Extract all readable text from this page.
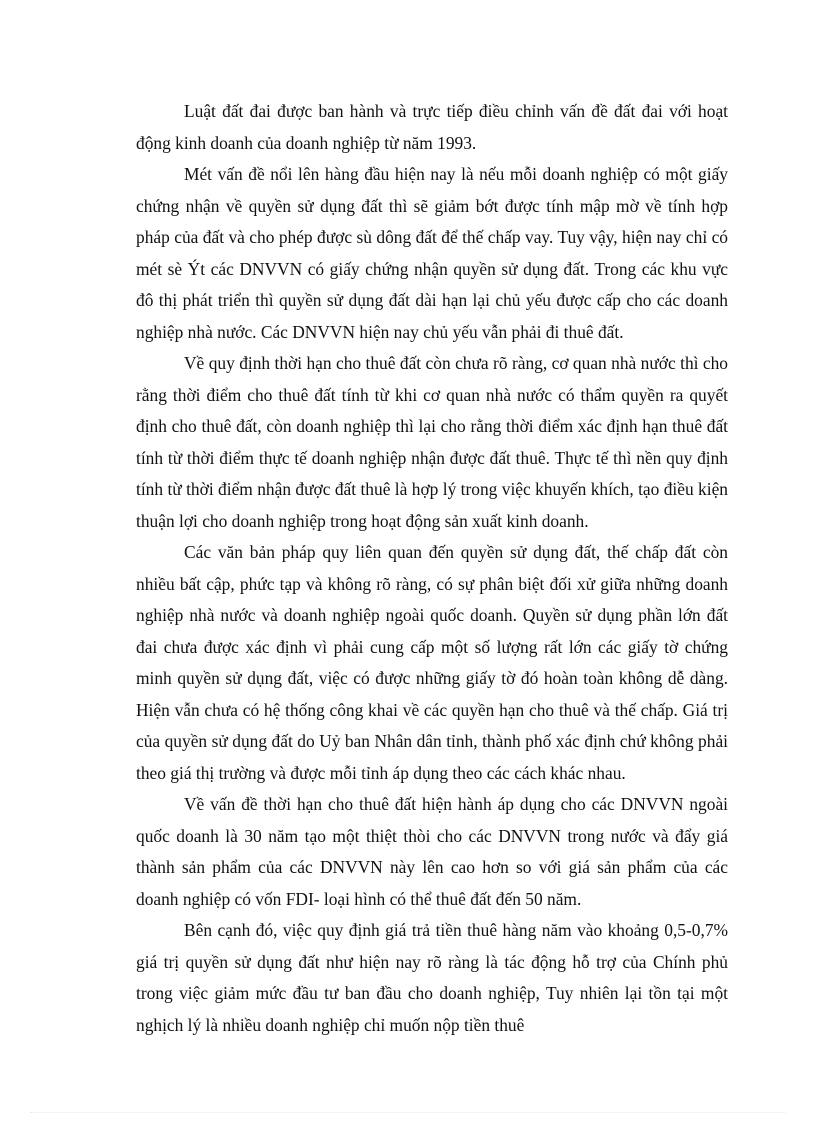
Luật đất đai được ban hành và trực tiếp điều chỉnh vấn đề đất đai với hoạt động kinh doanh của doanh nghiệp từ năm 1993.

Mét vấn đề nổi lên hàng đầu hiện nay là nếu mỗi doanh nghiệp có một giấy chứng nhận về quyền sử dụng đất thì sẽ giảm bớt được tính mập mờ về tính hợp pháp của đất và cho phép được sù dông đất để thế chấp vay. Tuy vậy, hiện nay chỉ có mét sè Ýt các DNVVN có giấy chứng nhận quyền sử dụng đất. Trong các khu vực đô thị phát triển thì quyền sử dụng đất dài hạn lại chủ yếu được cấp cho các doanh nghiệp nhà nước. Các DNVVN hiện nay chủ yếu vẫn phải đi thuê đất.

Về quy định thời hạn cho thuê đất còn chưa rõ ràng, cơ quan nhà nước thì cho rằng thời điểm cho thuê đất tính từ khi cơ quan nhà nước có thẩm quyền ra quyết định cho thuê đất, còn doanh nghiệp thì lại cho rằng thời điểm xác định hạn thuê đất tính từ thời điểm thực tế doanh nghiệp nhận được đất thuê. Thực tế thì nền quy định tính từ thời điểm nhận được đất thuê là hợp lý trong việc khuyến khích, tạo điều kiện thuận lợi cho doanh nghiệp trong hoạt động sản xuất kinh doanh.

Các văn bản pháp quy liên quan đến quyền sử dụng đất, thế chấp đất còn nhiều bất cập, phức tạp và không rõ ràng, có sự phân biệt đối xử giữa những doanh nghiệp nhà nước và doanh nghiệp ngoài quốc doanh. Quyền sử dụng phần lớn đất đai chưa được xác định vì phải cung cấp một số lượng rất lớn các giấy tờ chứng minh quyền sử dụng đất, việc có được những giấy tờ đó hoàn toàn không dễ dàng. Hiện vẫn chưa có hệ thống công khai về các quyền hạn cho thuê và thế chấp. Giá trị của quyền sử dụng đất do Uỷ ban Nhân dân tỉnh, thành phố xác định chứ không phải theo giá thị trường và được mỗi tỉnh áp dụng theo các cách khác nhau.

Về vấn đề thời hạn cho thuê đất hiện hành áp dụng cho các DNVVN ngoài quốc doanh là 30 năm tạo một thiệt thòi cho các DNVVN trong nước và đẩy giá thành sản phẩm của các DNVVN này lên cao hơn so với giá sản phẩm của các doanh nghiệp có vốn FDI- loại hình có thể thuê đất đến 50 năm.

Bên cạnh đó, việc quy định giá trả tiền thuê hàng năm vào khoảng 0,5-0,7% giá trị quyền sử dụng đất như hiện nay rõ ràng là tác động hỗ trợ của Chính phủ trong việc giảm mức đầu tư ban đầu cho doanh nghiệp, Tuy nhiên lại tồn tại một nghịch lý là nhiều doanh nghiệp chỉ muốn nộp tiền thuê
